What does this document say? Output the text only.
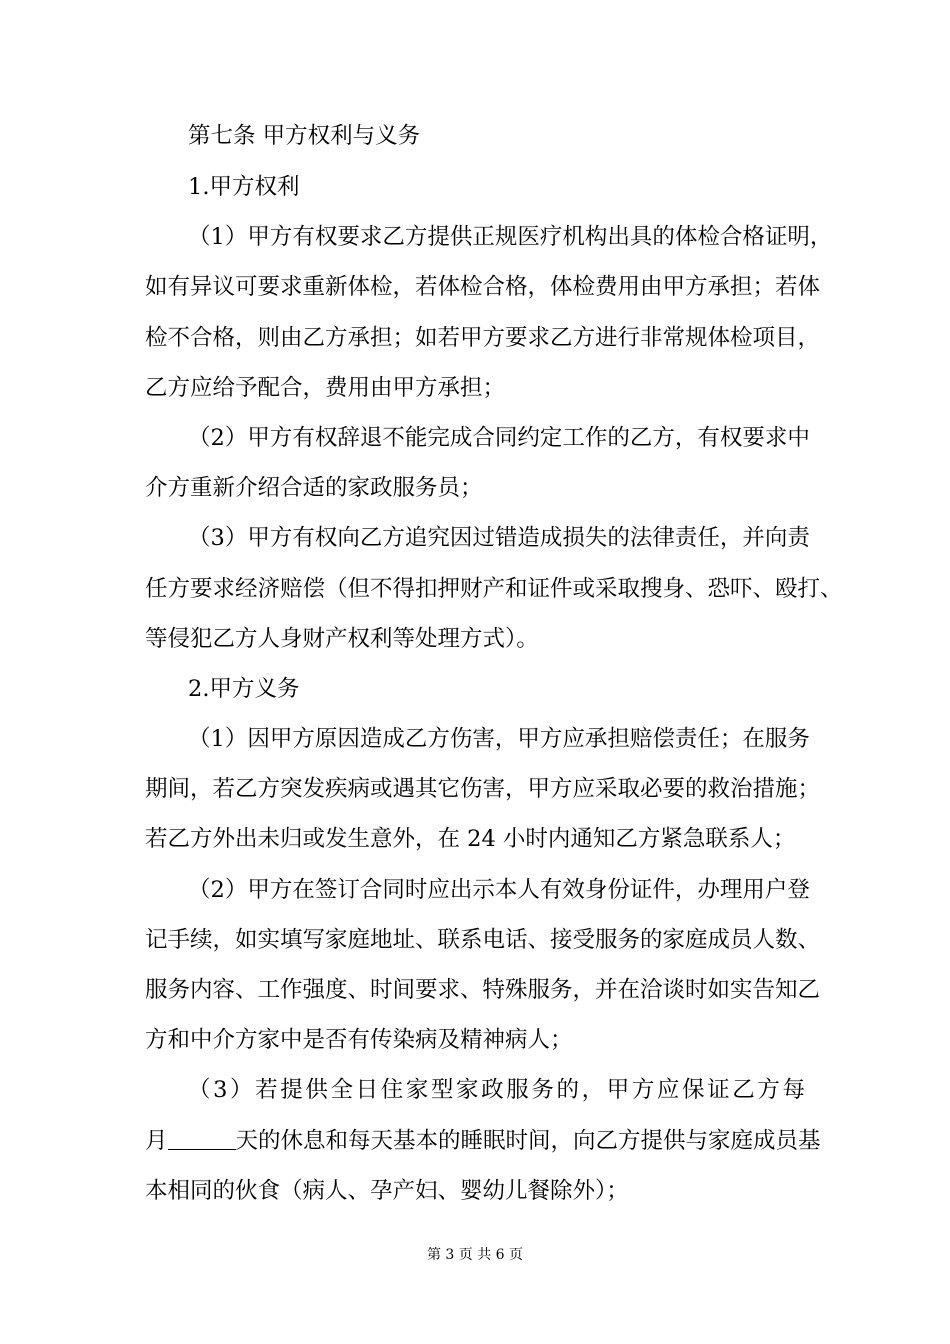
第七条 甲方权利与义务
1.甲方权利
（1）甲方有权要求乙方提供正规医疗机构出具的体检合格证明，
如有异议可要求重新体检，若体检合格，体检费用由甲方承担；若体
检不合格，则由乙方承担；如若甲方要求乙方进行非常规体检项目，
乙方应给予配合，费用由甲方承担；
（2）甲方有权辞退不能完成合同约定工作的乙方，有权要求中
介方重新介绍合适的家政服务员；
（3）甲方有权向乙方追究因过错造成损失的法律责任，并向责
任方要求经济赔偿（但不得扣押财产和证件或采取搜身、恐吓、殴打、
等侵犯乙方人身财产权利等处理方式）。
2.甲方义务
（1）因甲方原因造成乙方伤害，甲方应承担赔偿责任；在服务
期间，若乙方突发疾病或遇其它伤害，甲方应采取必要的救治措施；
若乙方外出未归或发生意外，在 24 小时内通知乙方紧急联系人；
（2）甲方在签订合同时应出示本人有效身份证件，办理用户登
记手续，如实填写家庭地址、联系电话、接受服务的家庭成员人数、
服务内容、工作强度、时间要求、特殊服务，并在洽谈时如实告知乙
方和中介方家中是否有传染病及精神病人；
（3）若提供全日住家型家政服务的，甲方应保证乙方每
月	天的休息和每天基本的睡眠时间，向乙方提供与家庭成员基
本相同的伙食（病人、孕产妇、婴幼儿餐除外）；
第 3 页 共 6 页
